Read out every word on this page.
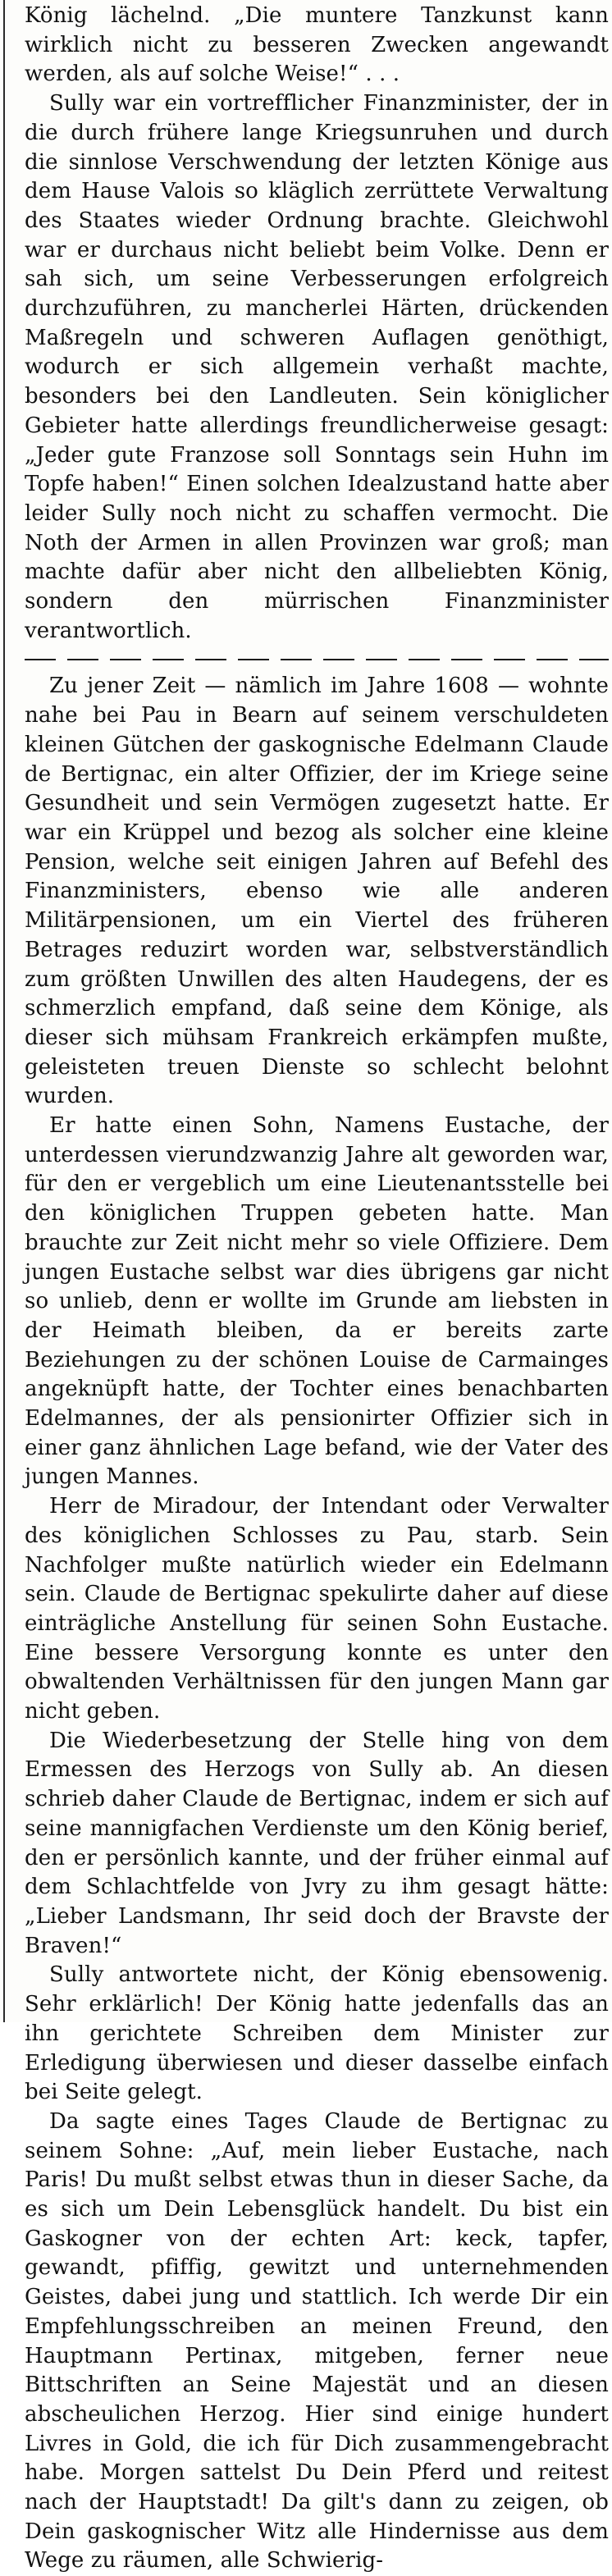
König lächelnd. „Die muntere Tanzkunst kann wirklich nicht zu besseren Zwecken angewandt werden, als auf solche Weise!“ . . .

Sully war ein vortrefflicher Finanzminister, der in die durch frühere lange Kriegsunruhen und durch die sinnlose Verschwendung der letzten Könige aus dem Hause Valois so kläglich zerrüttete Verwaltung des Staates wieder Ordnung brachte. Gleichwohl war er durchaus nicht beliebt beim Volke. Denn er sah sich, um seine Verbesserungen erfolgreich durchzuführen, zu mancherlei Härten, drückenden Maßregeln und schweren Auflagen genöthigt, wodurch er sich allgemein verhaßt machte, besonders bei den Landleuten. Sein königlicher Gebieter hatte allerdings freundlicherweise gesagt: „Jeder gute Franzose soll Sonntags sein Huhn im Topfe haben!“ Einen solchen Idealzustand hatte aber leider Sully noch nicht zu schaffen vermocht. Die Noth der Armen in allen Provinzen war groß; man machte dafür aber nicht den allbeliebten König, sondern den mürrischen Finanzminister verantwortlich.

Zu jener Zeit — nämlich im Jahre 1608 — wohnte nahe bei Pau in Bearn auf seinem verschuldeten kleinen Gütchen der gaskognische Edelmann Claude de Bertignac, ein alter Offizier, der im Kriege seine Gesundheit und sein Vermögen zugesetzt hatte. Er war ein Krüppel und bezog als solcher eine kleine Pension, welche seit einigen Jahren auf Befehl des Finanzministers, ebenso wie alle anderen Militärpensionen, um ein Viertel des früheren Betrages reduzirt worden war, selbstverständlich zum größten Unwillen des alten Haudegens, der es schmerzlich empfand, daß seine dem Könige, als dieser sich mühsam Frankreich erkämpfen mußte, geleisteten treuen Dienste so schlecht belohnt wurden.

Er hatte einen Sohn, Namens Eustache, der unterdessen vierundzwanzig Jahre alt geworden war, für den er vergeblich um eine Lieutenantsstelle bei den königlichen Truppen gebeten hatte. Man brauchte zur Zeit nicht mehr so viele Offiziere. Dem jungen Eustache selbst war dies übrigens gar nicht so unlieb, denn er wollte im Grunde am liebsten in der Heimath bleiben, da er bereits zarte Beziehungen zu der schönen Louise de Carmainges angeknüpft hatte, der Tochter eines benachbarten Edelmannes, der als pensionirter Offizier sich in einer ganz ähnlichen Lage befand, wie der Vater des jungen Mannes.

Herr de Miradour, der Intendant oder Verwalter des königlichen Schlosses zu Pau, starb. Sein Nachfolger mußte natürlich wieder ein Edelmann sein. Claude de Bertignac spekulirte daher auf diese einträgliche Anstellung für seinen Sohn Eustache. Eine bessere Versorgung konnte es unter den obwaltenden Verhältnissen für den jungen Mann gar nicht geben.

Die Wiederbesetzung der Stelle hing von dem Ermessen des Herzogs von Sully ab. An diesen schrieb daher Claude de Bertignac, indem er sich auf seine mannigfachen Verdienste um den König berief, den er persönlich kannte, und der früher einmal auf dem Schlachtfelde von Jvry zu ihm gesagt hätte: „Lieber Landsmann, Ihr seid doch der Bravste der Braven!“

Sully antwortete nicht, der König ebensowenig. Sehr erklärlich! Der König hatte jedenfalls das an ihn gerichtete Schreiben dem Minister zur Erledigung überwiesen und dieser dasselbe einfach bei Seite gelegt.

Da sagte eines Tages Claude de Bertignac zu seinem Sohne: „Auf, mein lieber Eustache, nach Paris! Du mußt selbst etwas thun in dieser Sache, da es sich um Dein Lebensglück handelt. Du bist ein Gaskogner von der echten Art: keck, tapfer, gewandt, pfiffig, gewitzt und unternehmenden Geistes, dabei jung und stattlich. Ich werde Dir ein Empfehlungsschreiben an meinen Freund, den Hauptmann Pertinax, mitgeben, ferner neue Bittschriften an Seine Majestät und an diesen abscheulichen Herzog. Hier sind einige hundert Livres in Gold, die ich für Dich zusammengebracht habe. Morgen sattelst Du Dein Pferd und reitest nach der Hauptstadt! Da gilt's dann zu zeigen, ob Dein gaskognischer Witz alle Hindernisse aus dem Wege zu räumen, alle Schwierig-
